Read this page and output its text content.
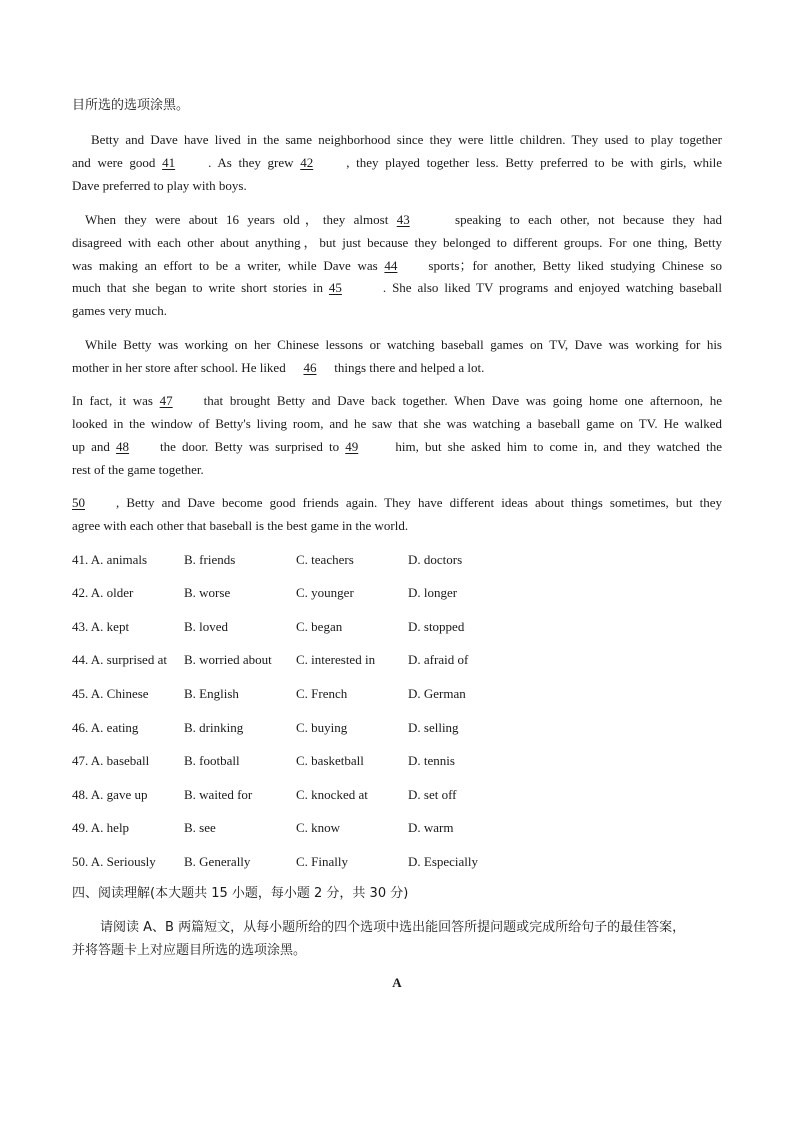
目所选的选项涂黑。
Betty and Dave have lived in the same neighborhood since they were little children. They used to play together
and were good 41	. As they grew 42	, they played together less. Betty preferred to be with girls, while
Dave preferred to play with boys.
When they were about 16 years old，they almost 43	speaking to each other, not because they had
disagreed with each other about anything，but just because they belonged to different groups. For one thing, Betty
was making an effort to be a writer, while Dave was 44 sports；for another, Betty liked studying Chinese so
much that she began to write short stories in 45	. She also liked TV programs and enjoyed watching baseball
games very much.
While Betty was working on her Chinese lessons or watching baseball games on TV, Dave was working for his
mother in her store after school. He liked 46 things there and helped a lot.
In fact, it was 47 that brought Betty and Dave back together. When Dave was going home one afternoon, he
looked in the window of Betty's living room, and he saw that she was watching a baseball game on TV. He walked
up and 48 the door. Betty was surprised to 49 him, but she asked him to come in, and they watched the
rest of the game together.
50 , Betty and Dave become good friends again. They have different ideas about things sometimes, but they
agree with each other that baseball is the best game in the world.
41. A. animals	B. friends	C. teachers	D. doctors
42. A. older	B. worse	C. younger	D. longer
43. A. kept	B. loved	C. began	D. stopped
44. A. surprised at B. worried about C. interested in	D. afraid of
45. A. Chinese	B. English	C. French	D. German
46. A. eating	B. drinking	C. buying	D. selling
47. A. baseball	B. football	C. basketball	D. tennis
48. A. gave up	B. waited for	C. knocked at	D. set off
49. A. help	B. see	C. know	D. warm
50. A. Seriously B. Generally	C. Finally	D. Especially
四、阅读理解(本大题共 15 小题，每小题 2 分，共 30 分)
请阅读 A、B 两篇短文，从每小题所给的四个选项中选出能回答所提问题或完成所给句子的最佳答案，
并将答题卡上对应题目所选的选项涂黑。
A
